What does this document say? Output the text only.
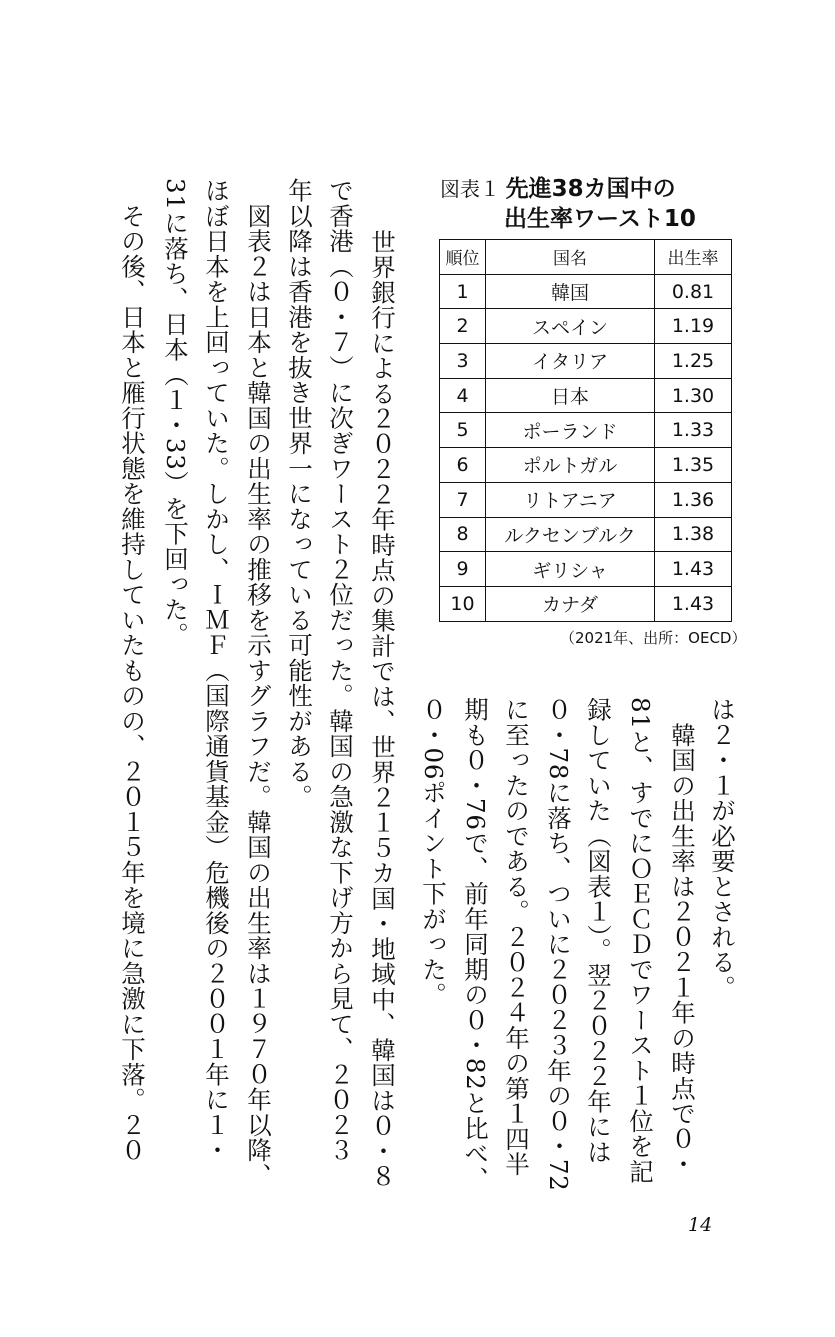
は２・１が必要とされる。
　韓国の出生率は２０２１年の時点で０・
81と、すでにＯＥＣＤでワースト１位を記
録していた（図表１）。翌２０２２年には
０・78に落ち、ついに２０２３年の０・72
に至ったのである。２０２４年の第１四半
期も０・76で、前年同期の０・82と比べ、
０・06ポイント下がった。
　世界銀行による２０２２年時点の集計では、世界２１５カ国・地域中、韓国は０・８
で香港（０・７）に次ぎワースト２位だった。韓国の急激な下げ方から見て、２０２３
年以降は香港を抜き世界一になっている可能性がある。
　図表２は日本と韓国の出生率の推移を示すグラフだ。韓国の出生率は１９７０年以降、
ほぼ日本を上回っていた。しかし、ＩＭＦ（国際通貨基金）危機後の２００１年に１・
31に落ち、日本（１・33）を下回った。
　その後、日本と雁行状態を維持していたものの、２０１５年を境に急激に下落。２０	図表１ 先進38カ国中の
出生率ワースト10
順位	国名	出生率
1	韓国	0.81
2	スペイン	1.19
3	イタリア	1.25
4	日本	1.30
5	ポーランド	1.33
6	ポルトガル	1.35
7	リトアニア	1.36
8	ルクセンブルク	1.38
9	ギリシャ	1.43
10	カナダ	1.43
（2021年、出所：OECD）
14
